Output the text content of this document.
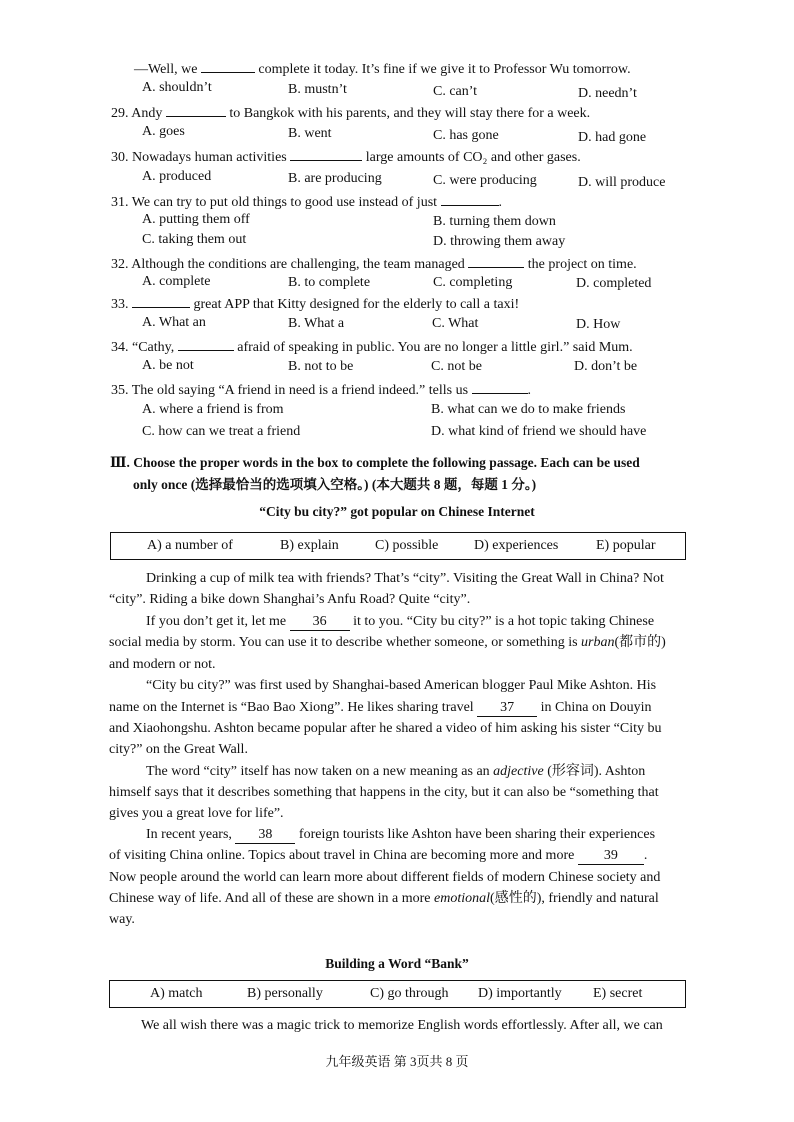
—Well, we	complete it today. It’s fine if we give it to Professor Wu tomorrow.
A. shouldn’t	B. mustn’t	C. can’t	D. needn’t
29. Andy	to Bangkok with his parents, and they will stay there for a week.
A. goes	B. went	C. has gone	D. had gone
30. Nowadays human activities	large amounts of CO₂ and other gases.
A. produced	B. are producing	C. were producing	D. will produce
31. We can try to put old things to good use instead of just	.
A. putting them off	B. turning them down
C. taking them out	D. throwing them away
32. Although the conditions are challenging, the team managed	the project on time.
A. complete	B. to complete	C. completing	D. completed
33.	great APP that Kitty designed for the elderly to call a taxi!
A. What an	B. What a	C. What	D. How
34. “Cathy,	afraid of speaking in public. You are no longer a little girl.” said Mum.
A. be not	B. not to be	C. not be	D. don’t be
35. The old saying “A friend in need is a friend indeed.” tells us	.
A. where a friend is from	B. what can we do to make friends
C. how can we treat a friend	D. what kind of friend we should have
Ⅲ. Choose the proper words in the box to complete the following passage. Each can be used
only once (选择最恰当的选项填入空格。) (本大题共 8 题，每题 1 分。)
“City bu city?” got popular on Chinese Internet
A) a number of	B) explain	C) possible	D) experiences	E) popular
Drinking a cup of milk tea with friends? That’s “city”. Visiting the Great Wall in China? Not
“city”. Riding a bike down Shanghai’s Anfu Road? Quite “city”.
If you don’t get it, let me 36 it to you. “City bu city?” is a hot topic taking Chinese
social media by storm. You can use it to describe whether someone, or something is urban(都市的)
and modern or not.
“City bu city?” was first used by Shanghai-based American blogger Paul Mike Ashton. His
name on the Internet is “Bao Bao Xiong”. He likes sharing travel 37 in China on Douyin
and Xiaohongshu. Ashton became popular after he shared a video of him asking his sister “City bu
city?” on the Great Wall.
The word “city” itself has now taken on a new meaning as an adjective (形容词). Ashton
himself says that it describes something that happens in the city, but it can also be “something that
gives you a great love for life”.
In recent years, 38 foreign tourists like Ashton have been sharing their experiences
of visiting China online. Topics about travel in China are becoming more and more 39 .
Now people around the world can learn more about different fields of modern Chinese society and
Chinese way of life. And all of these are shown in a more emotional(感性的), friendly and natural
way.
Building a Word “Bank”
A) match	B) personally	C) go through D) importantly E) secret
We all wish there was a magic trick to memorize English words effortlessly. After all, we can
九年级英语 第 3页共 8 页
